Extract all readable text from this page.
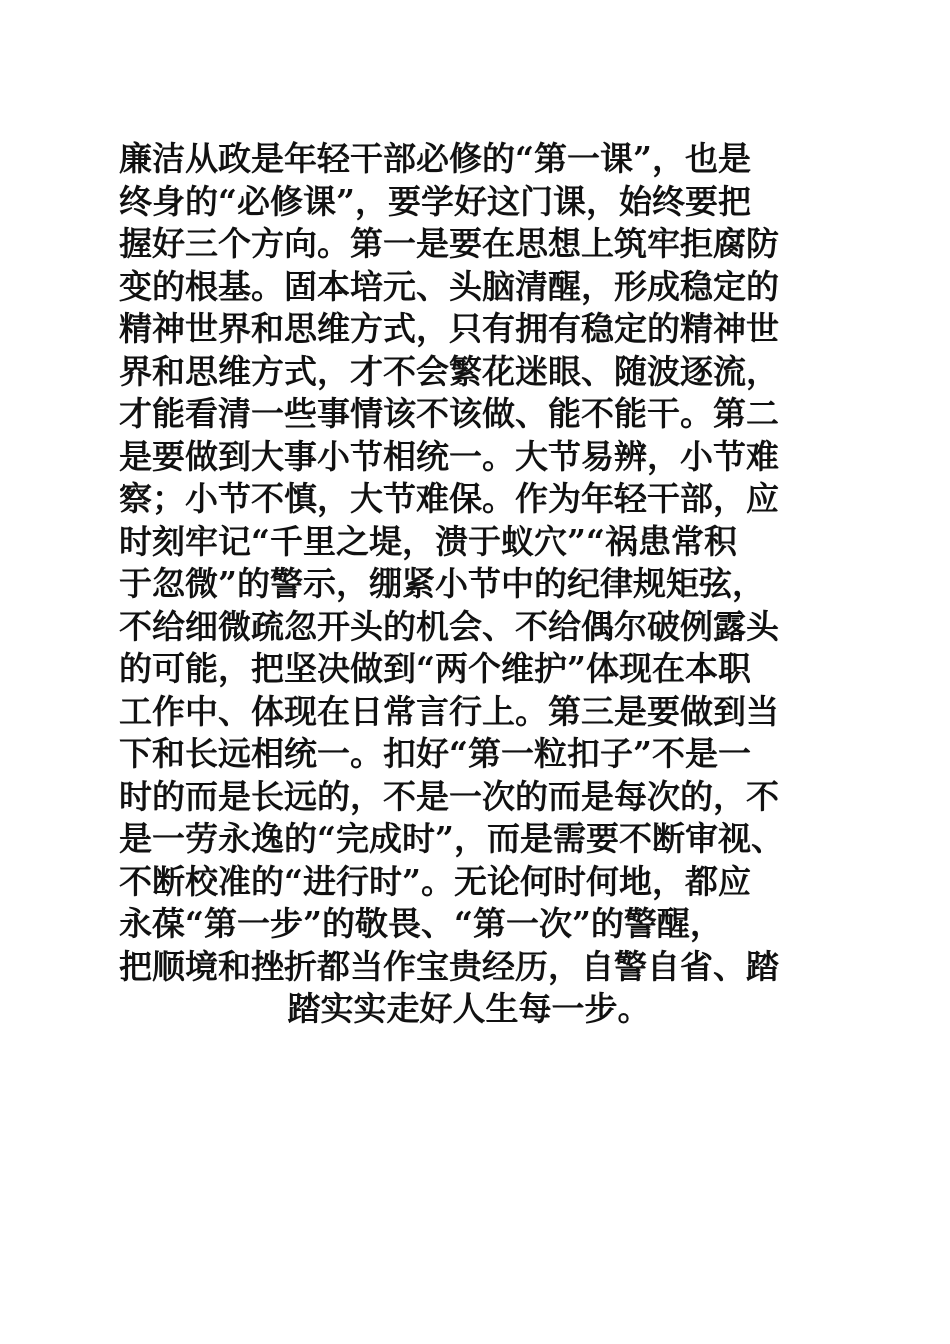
廉洁从政是年轻干部必修的“第一课”，也是
终身的“必修课”，要学好这门课，始终要把
握好三个方向。第一是要在思想上筑牢拒腐防
变的根基。固本培元、头脑清醒，形成稳定的
精神世界和思维方式，只有拥有稳定的精神世
界和思维方式，才不会繁花迷眼、随波逐流，
才能看清一些事情该不该做、能不能干。第二
是要做到大事小节相统一。大节易辨，小节难
察；小节不慎，大节难保。作为年轻干部，应
时刻牢记“千里之堤，溃于蚁穴”“祸患常积
于忽微”的警示，绷紧小节中的纪律规矩弦，
不给细微疏忽开头的机会、不给偶尔破例露头
的可能，把坚决做到“两个维护”体现在本职
工作中、体现在日常言行上。第三是要做到当
下和长远相统一。扣好“第一粒扣子”不是一
时的而是长远的，不是一次的而是每次的，不
是一劳永逸的“完成时”，而是需要不断审视、
不断校准的“进行时”。无论何时何地，都应
永葆“第一步”的敬畏、“第一次”的警醒，
把顺境和挫折都当作宝贵经历，自警自省、踏
踏实实走好人生每一步。
